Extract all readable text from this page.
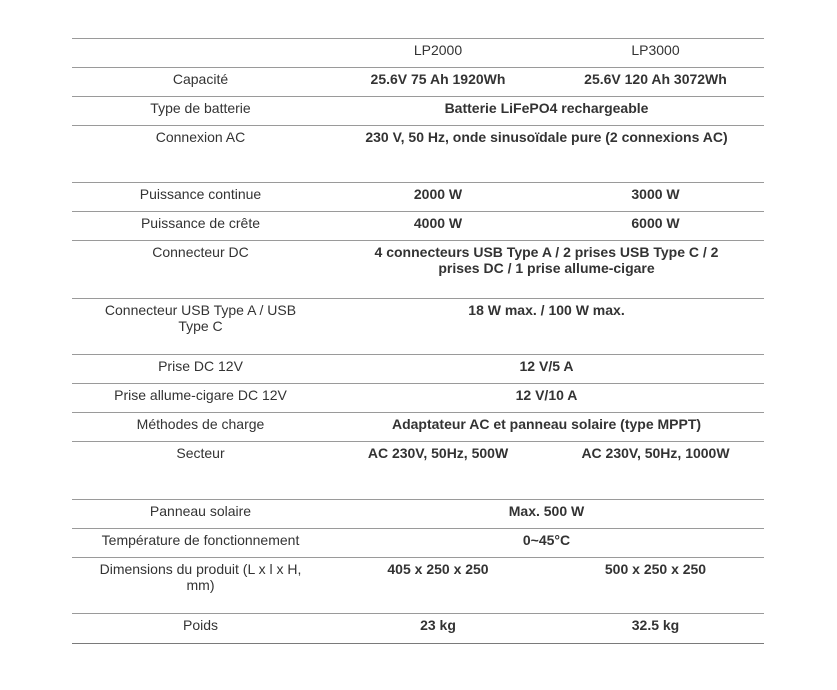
	LP2000	LP3000
Capacité	25.6V 75 Ah 1920Wh	25.6V 120 Ah 3072Wh
Type de batterie	Batterie LiFePO4 rechargeable	
Connexion AC	230 V, 50 Hz, onde sinusoïdale pure (2 connexions AC)	
Puissance continue	2000 W	3000 W
Puissance de crête	4000 W	6000 W
Connecteur DC	4 connecteurs USB Type A / 2 prises USB Type C / 2 prises DC / 1 prise allume-cigare	
Connecteur USB Type A / USB Type C	18 W max. / 100 W max.	
Prise DC 12V	12 V/5 A	
Prise allume-cigare DC 12V	12 V/10 A	
Méthodes de charge	Adaptateur AC et panneau solaire (type MPPT)	
Secteur	AC 230V, 50Hz, 500W	AC 230V, 50Hz, 1000W
Panneau solaire	Max. 500 W	
Température de fonctionnement	0~45°C	
Dimensions du produit (L x l x H, mm)	405 x 250 x 250	500 x 250 x 250
Poids	23 kg	32.5 kg
